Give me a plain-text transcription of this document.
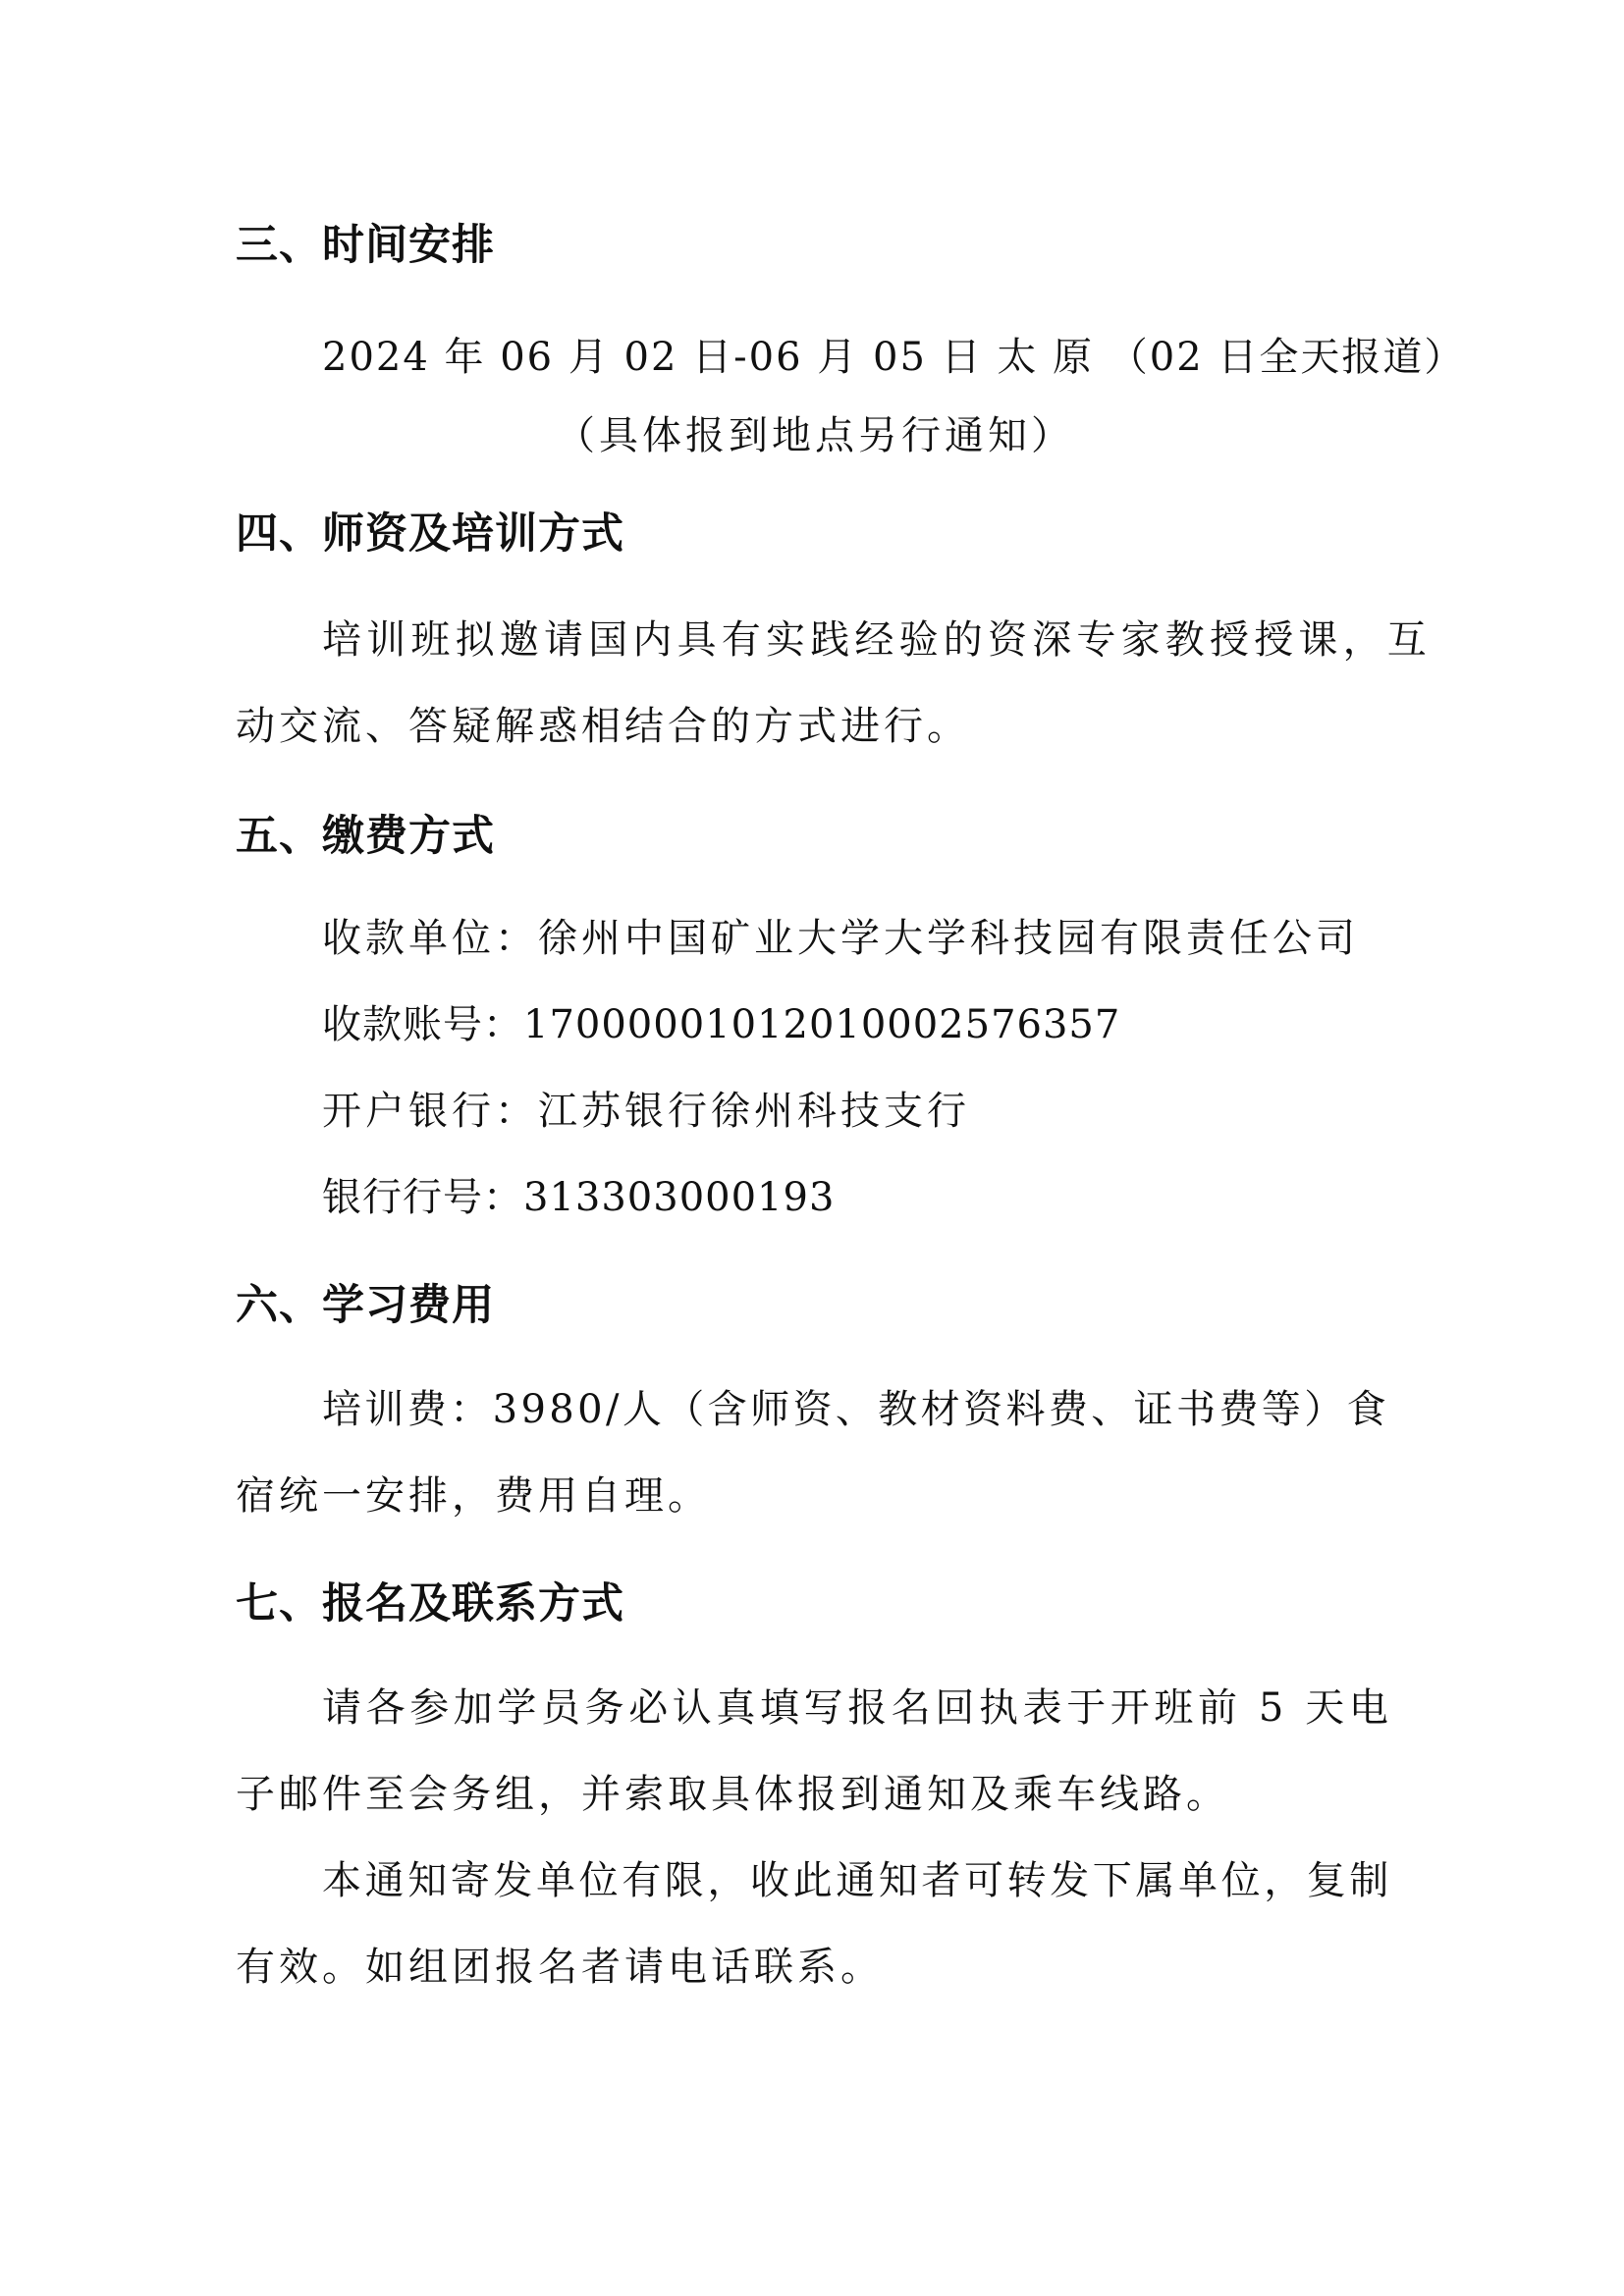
三、时间安排
2024 年 06 月 02 日-06 月 05 日 太 原 （02 日全天报道）
（具体报到地点另行通知）
四、师资及培训方式
培训班拟邀请国内具有实践经验的资深专家教授授课，互
动交流、答疑解惑相结合的方式进行。
五、缴费方式
收款单位：徐州中国矿业大学大学科技园有限责任公司
收款账号：17000001012010002576357
开户银行：江苏银行徐州科技支行
银行行号：313303000193
六、学习费用
培训费：3980/人（含师资、教材资料费、证书费等）食
宿统一安排，费用自理。
七、报名及联系方式
请各参加学员务必认真填写报名回执表于开班前 5 天电
子邮件至会务组，并索取具体报到通知及乘车线路。
本通知寄发单位有限，收此通知者可转发下属单位，复制
有效。如组团报名者请电话联系。
